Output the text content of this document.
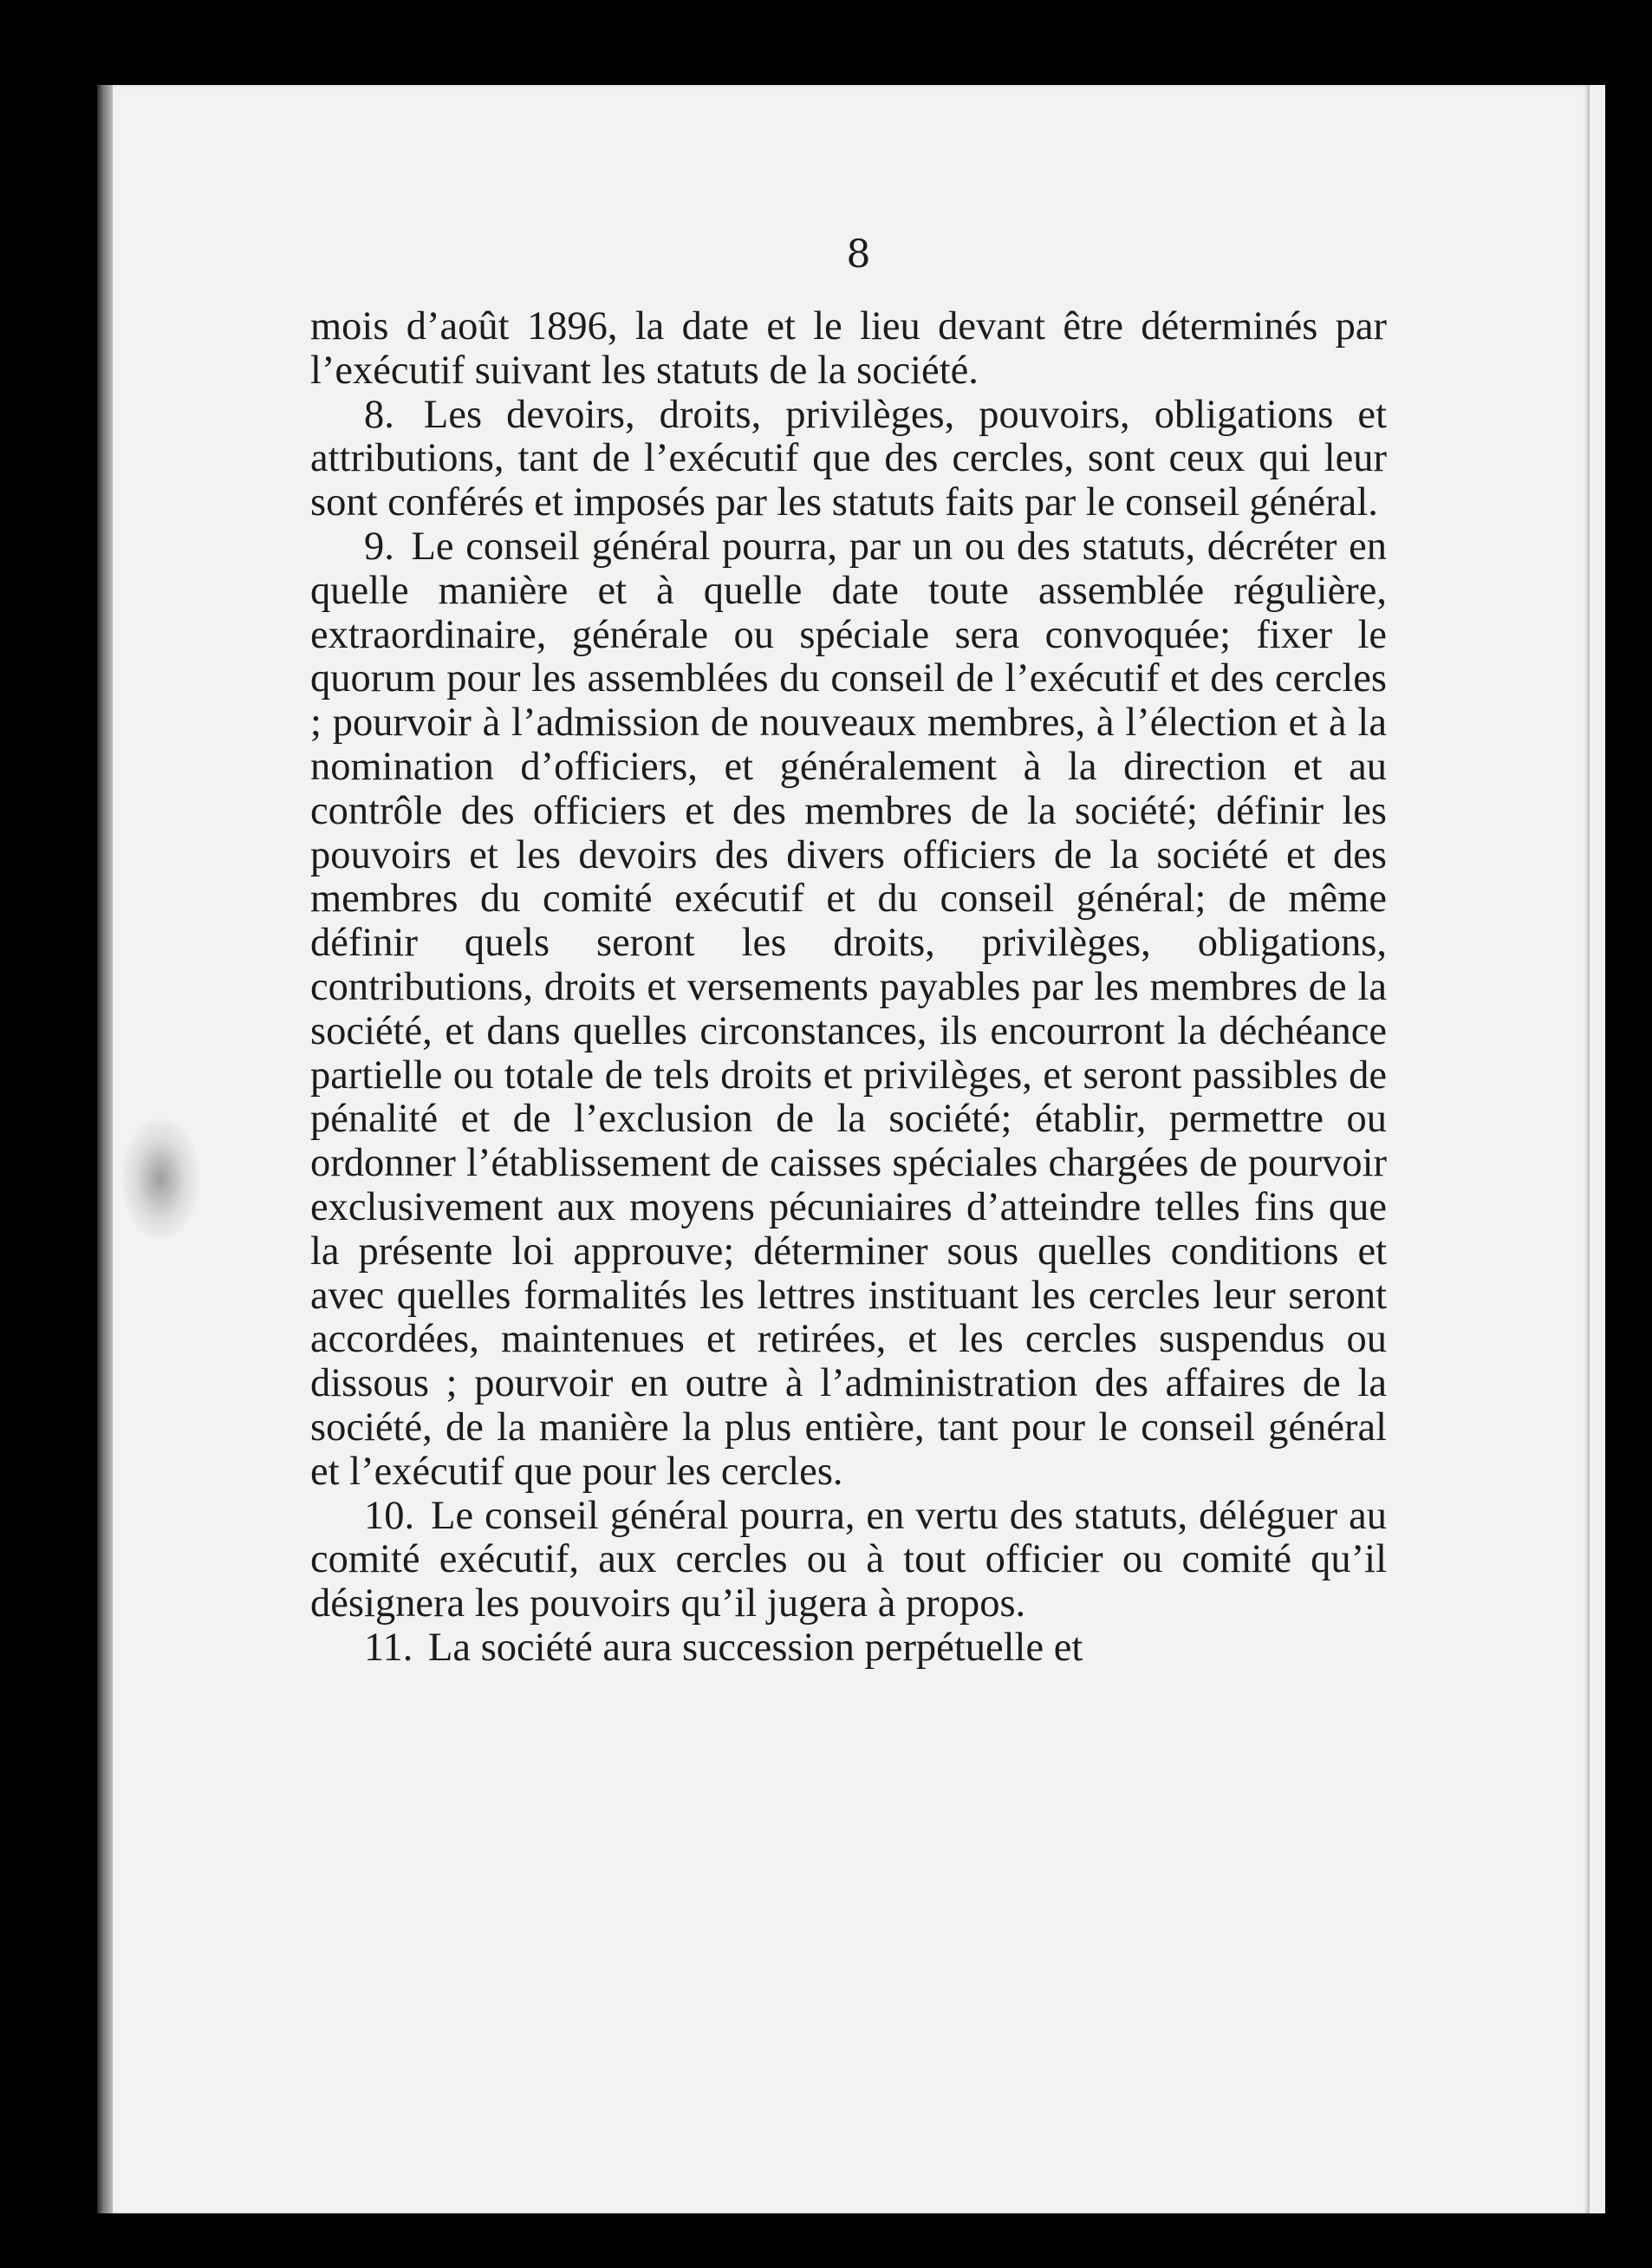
8

mois d’août 1896, la date et le lieu devant être déterminés par l’exécutif suivant les statuts de la société.

8. Les devoirs, droits, privilèges, pouvoirs, obligations et attributions, tant de l’exécutif que des cercles, sont ceux qui leur sont conférés et imposés par les statuts faits par le conseil général.

9. Le conseil général pourra, par un ou des statuts, décréter en quelle manière et à quelle date toute assemblée régulière, extraordinaire, générale ou spéciale sera convoquée; fixer le quorum pour les assemblées du conseil de l’exécutif et des cercles ; pourvoir à l’admission de nouveaux membres, à l’élection et à la nomination d’officiers, et généralement à la direction et au contrôle des officiers et des membres de la société; définir les pouvoirs et les devoirs des divers officiers de la société et des membres du comité exécutif et du conseil général; de même définir quels seront les droits, privilèges, obligations, contributions, droits et versements payables par les membres de la société, et dans quelles circonstances, ils encourront la déchéance partielle ou totale de tels droits et privilèges, et seront passibles de pénalité et de l’exclusion de la société; établir, permettre ou ordonner l’établissement de caisses spéciales chargées de pourvoir exclusivement aux moyens pécuniaires d’atteindre telles fins que la présente loi approuve; déterminer sous quelles conditions et avec quelles formalités les lettres instituant les cercles leur seront accordées, maintenues et retirées, et les cercles suspendus ou dissous ; pourvoir en outre à l’administration des affaires de la société, de la manière la plus entière, tant pour le conseil général et l’exécutif que pour les cercles.

10. Le conseil général pourra, en vertu des statuts, déléguer au comité exécutif, aux cercles ou à tout officier ou comité qu’il désignera les pouvoirs qu’il jugera à propos.

11. La société aura succession perpétuelle et
